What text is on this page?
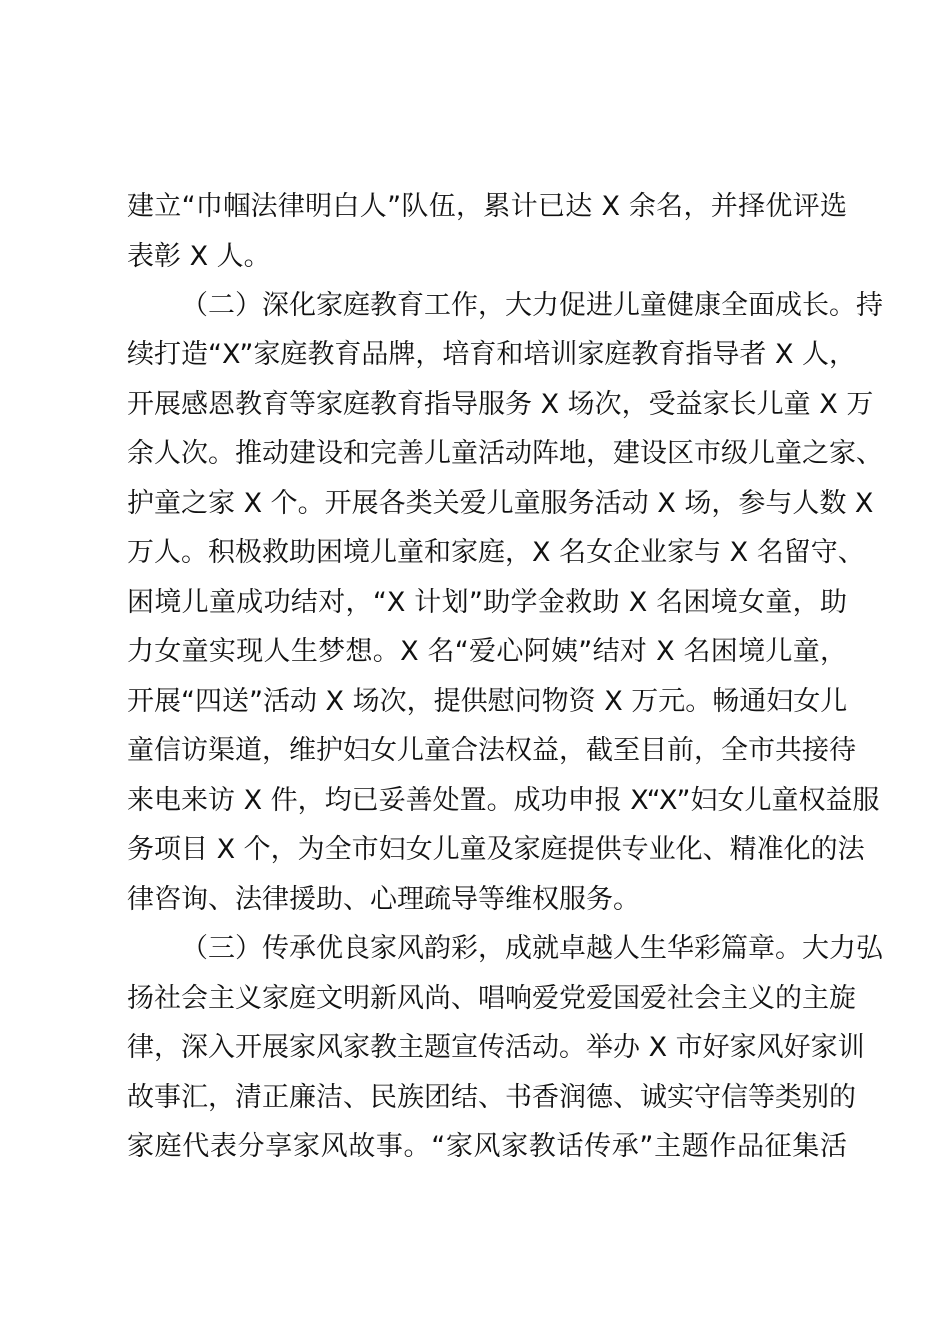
建立“巾帼法律明白人”队伍，累计已达 X 余名，并择优评选
表彰 X 人。
（二）深化家庭教育工作，大力促进儿童健康全面成长。持
续打造“X”家庭教育品牌，培育和培训家庭教育指导者 X 人，
开展感恩教育等家庭教育指导服务 X 场次，受益家长儿童 X 万
余人次。推动建设和完善儿童活动阵地，建设区市级儿童之家、
护童之家 X 个。开展各类关爱儿童服务活动 X 场，参与人数 X
万人。积极救助困境儿童和家庭，X 名女企业家与 X 名留守、
困境儿童成功结对，“X 计划”助学金救助 X 名困境女童，助
力女童实现人生梦想。X 名“爱心阿姨”结对 X 名困境儿童，
开展“四送”活动 X 场次，提供慰问物资 X 万元。畅通妇女儿
童信访渠道，维护妇女儿童合法权益，截至目前，全市共接待
来电来访 X 件，均已妥善处置。成功申报 X“X”妇女儿童权益服
务项目 X 个，为全市妇女儿童及家庭提供专业化、精准化的法
律咨询、法律援助、心理疏导等维权服务。
（三）传承优良家风韵彩，成就卓越人生华彩篇章。大力弘
扬社会主义家庭文明新风尚、唱响爱党爱国爱社会主义的主旋
律，深入开展家风家教主题宣传活动。举办 X 市好家风好家训
故事汇，清正廉洁、民族团结、书香润德、诚实守信等类别的
家庭代表分享家风故事。“家风家教话传承”主题作品征集活
